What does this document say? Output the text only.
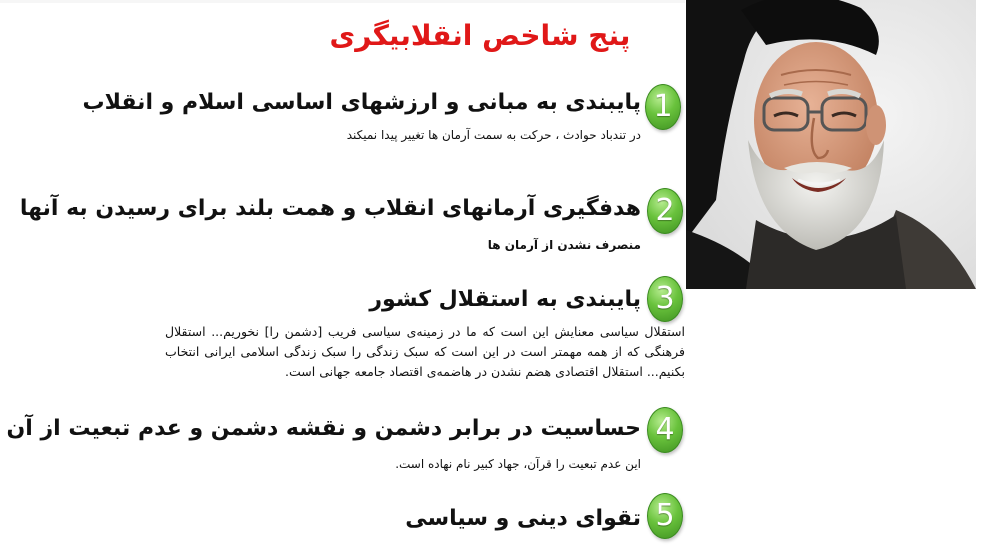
پنج شاخص انقلابیگری
پایبندی به مبانی و ارزشهای اساسی اسلام و انقلاب 1
در تندباد حوادث ، حرکت به سمت آرمان ها تغییر پیدا نمیکند
هدفگیری آرمانهای انقلاب و همت بلند برای رسیدن به آنها 2
منصرف نشدن از آرمان ها
پایبندی به استقلال کشور 3
استقلال سیاسی معنایش این است که ما در زمینه‌ی سیاسی فریب [دشمن را] نخوریم... استقلال فرهنگی که از همه مهمتر است در این است که سبک زندگی را سبک زندگی اسلامی ایرانی انتخاب بکنیم... استقلال اقتصادی هضم نشدن در هاضمه‌ی اقتصاد جامعه جهانی است.
حساسیت در برابر دشمن و نقشه دشمن و عدم تبعیت از آن 4
این عدم تبعیت را قرآن، جهاد کبیر نام نهاده است.
تقوای دینی و سیاسی 5
